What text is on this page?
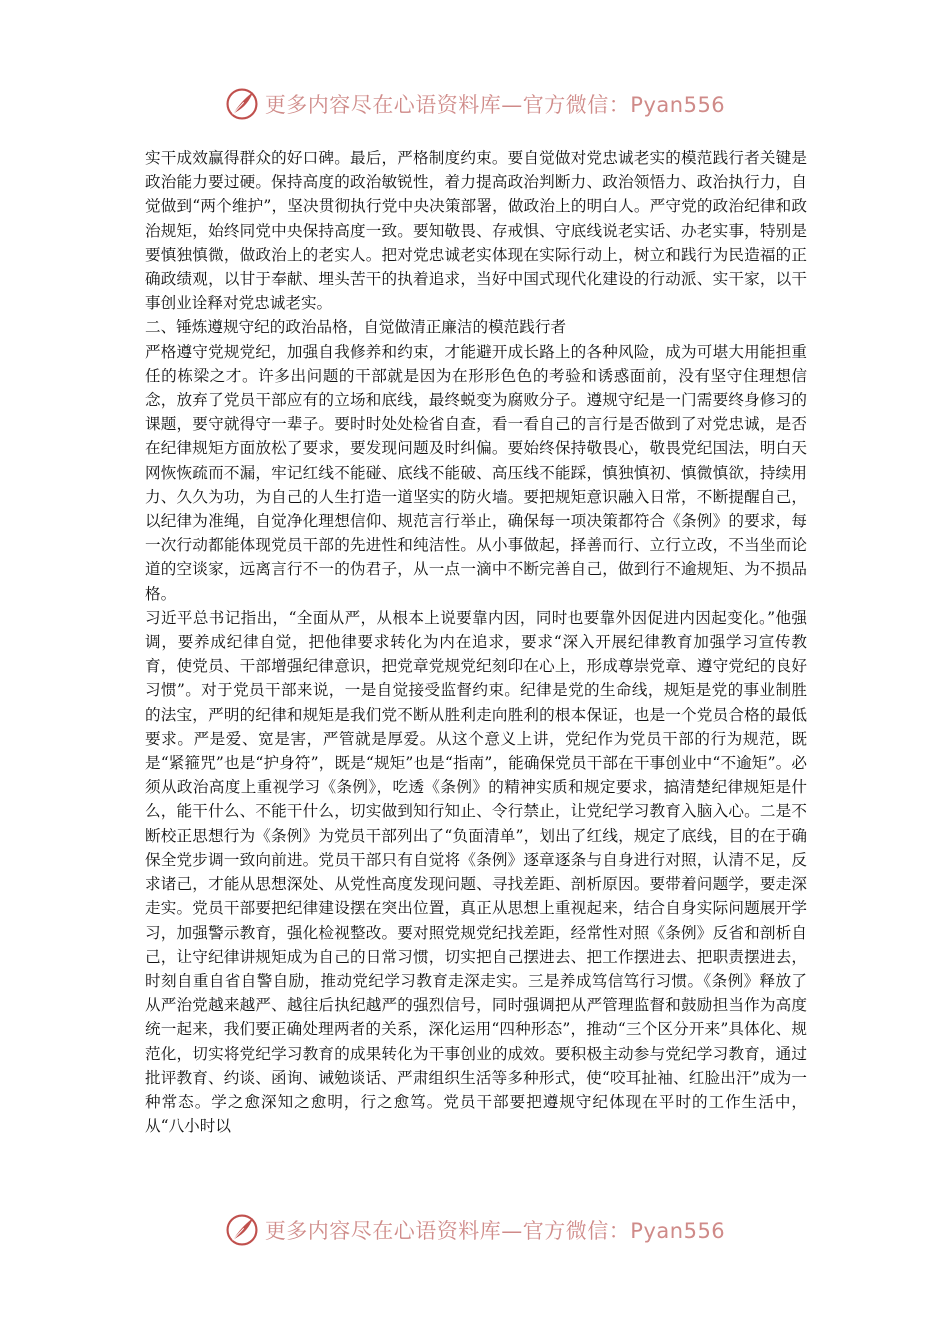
更多内容尽在心语资料库—官方微信：Pyan556

实干成效赢得群众的好口碑。最后，严格制度约束。要自觉做对党忠诚老实的模范践行者关键是政治能力要过硬。保持高度的政治敏锐性，着力提高政治判断力、政治领悟力、政治执行力，自觉做到“两个维护”，坚决贯彻执行党中央决策部署，做政治上的明白人。严守党的政治纪律和政治规矩，始终同党中央保持高度一致。要知敬畏、存戒惧、守底线说老实话、办老实事，特别是要慎独慎微，做政治上的老实人。把对党忠诚老实体现在实际行动上，树立和践行为民造福的正确政绩观，以甘于奉献、埋头苦干的执着追求，当好中国式现代化建设的行动派、实干家，以干事创业诠释对党忠诚老实。

二、锤炼遵规守纪的政治品格，自觉做清正廉洁的模范践行者

严格遵守党规党纪，加强自我修养和约束，才能避开成长路上的各种风险，成为可堪大用能担重任的栋梁之才。许多出问题的干部就是因为在形形色色的考验和诱惑面前，没有坚守住理想信念，放弃了党员干部应有的立场和底线，最终蜕变为腐败分子。遵规守纪是一门需要终身修习的课题，要守就得守一辈子。要时时处处检省自查，看一看自己的言行是否做到了对党忠诚，是否在纪律规矩方面放松了要求，要发现问题及时纠偏。要始终保持敬畏心，敬畏党纪国法，明白天网恢恢疏而不漏，牢记红线不能碰、底线不能破、高压线不能踩，慎独慎初、慎微慎欲，持续用力、久久为功，为自己的人生打造一道坚实的防火墙。要把规矩意识融入日常，不断提醒自己，以纪律为准绳，自觉净化理想信仰、规范言行举止，确保每一项决策都符合《条例》的要求，每一次行动都能体现党员干部的先进性和纯洁性。从小事做起，择善而行、立行立改，不当坐而论道的空谈家，远离言行不一的伪君子，从一点一滴中不断完善自己，做到行不逾规矩、为不损品格。

习近平总书记指出，“全面从严，从根本上说要靠内因，同时也要靠外因促进内因起变化。”他强调，要养成纪律自觉，把他律要求转化为内在追求，要求“深入开展纪律教育加强学习宣传教育，使党员、干部增强纪律意识，把党章党规党纪刻印在心上，形成尊崇党章、遵守党纪的良好习惯”。对于党员干部来说，一是自觉接受监督约束。纪律是党的生命线，规矩是党的事业制胜的法宝，严明的纪律和规矩是我们党不断从胜利走向胜利的根本保证，也是一个党员合格的最低要求。严是爱、宽是害，严管就是厚爱。从这个意义上讲，党纪作为党员干部的行为规范，既是“紧箍咒”也是“护身符”，既是“规矩”也是“指南”，能确保党员干部在干事创业中“不逾矩”。必须从政治高度上重视学习《条例》，吃透《条例》的精神实质和规定要求，搞清楚纪律规矩是什么，能干什么、不能干什么，切实做到知行知止、令行禁止，让党纪学习教育入脑入心。二是不断校正思想行为《条例》为党员干部列出了“负面清单”，划出了红线，规定了底线，目的在于确保全党步调一致向前进。党员干部只有自觉将《条例》逐章逐条与自身进行对照，认清不足，反求诸己，才能从思想深处、从党性高度发现问题、寻找差距、剖析原因。要带着问题学，要走深走实。党员干部要把纪律建设摆在突出位置，真正从思想上重视起来，结合自身实际问题展开学习，加强警示教育，强化检视整改。要对照党规党纪找差距，经常性对照《条例》反省和剖析自己，让守纪律讲规矩成为自己的日常习惯，切实把自己摆进去、把工作摆进去、把职责摆进去，时刻自重自省自警自励，推动党纪学习教育走深走实。三是养成笃信笃行习惯。《条例》释放了从严治党越来越严、越往后执纪越严的强烈信号，同时强调把从严管理监督和鼓励担当作为高度统一起来，我们要正确处理两者的关系，深化运用“四种形态”，推动“三个区分开来”具体化、规范化，切实将党纪学习教育的成果转化为干事创业的成效。要积极主动参与党纪学习教育，通过批评教育、约谈、函询、诫勉谈话、严肃组织生活等多种形式，使“咬耳扯袖、红脸出汗”成为一种常态。学之愈深知之愈明，行之愈笃。党员干部要把遵规守纪体现在平时的工作生活中，从“八小时以

更多内容尽在心语资料库—官方微信：Pyan556
